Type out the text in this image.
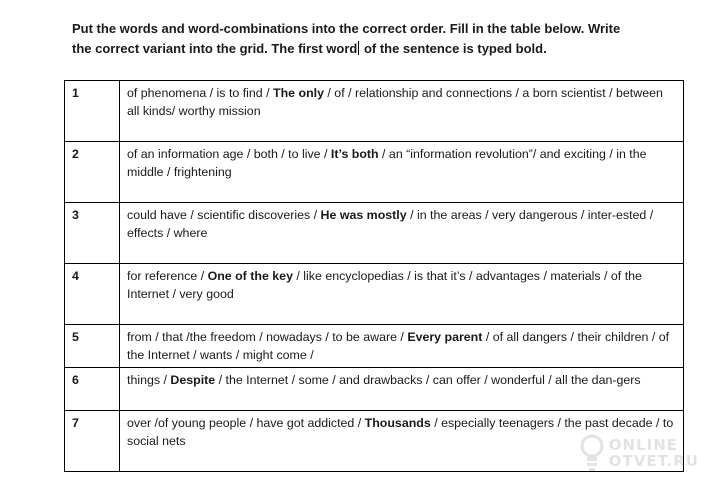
Put the words and word-combinations into the correct order. Fill in the table below. Write
the correct variant into the grid. The first word of the sentence is typed bold.

1	of phenomena / is to find / The only / of / relationship and connections / a born scientist / between all kinds/ worthy mission
2	of an information age / both / to live / It’s both / an “information revolution”/ and exciting / in the middle / frightening
3	could have / scientific discoveries / He was mostly / in the areas / very dangerous / inter-ested / effects / where
4	for reference / One of the key / like encyclopedias / is that it’s / advantages / materials / of the Internet / very good
5	from / that /the freedom / nowadays / to be aware / Every parent / of all dangers / their children / of the Internet / wants / might come /
6	things / Despite / the Internet / some / and drawbacks / can offer / wonderful / all the dan-gers
7	over /of young people / have got addicted / Thousands / especially teenagers / the past decade / to social nets	ONLINE
OTVET.RU
